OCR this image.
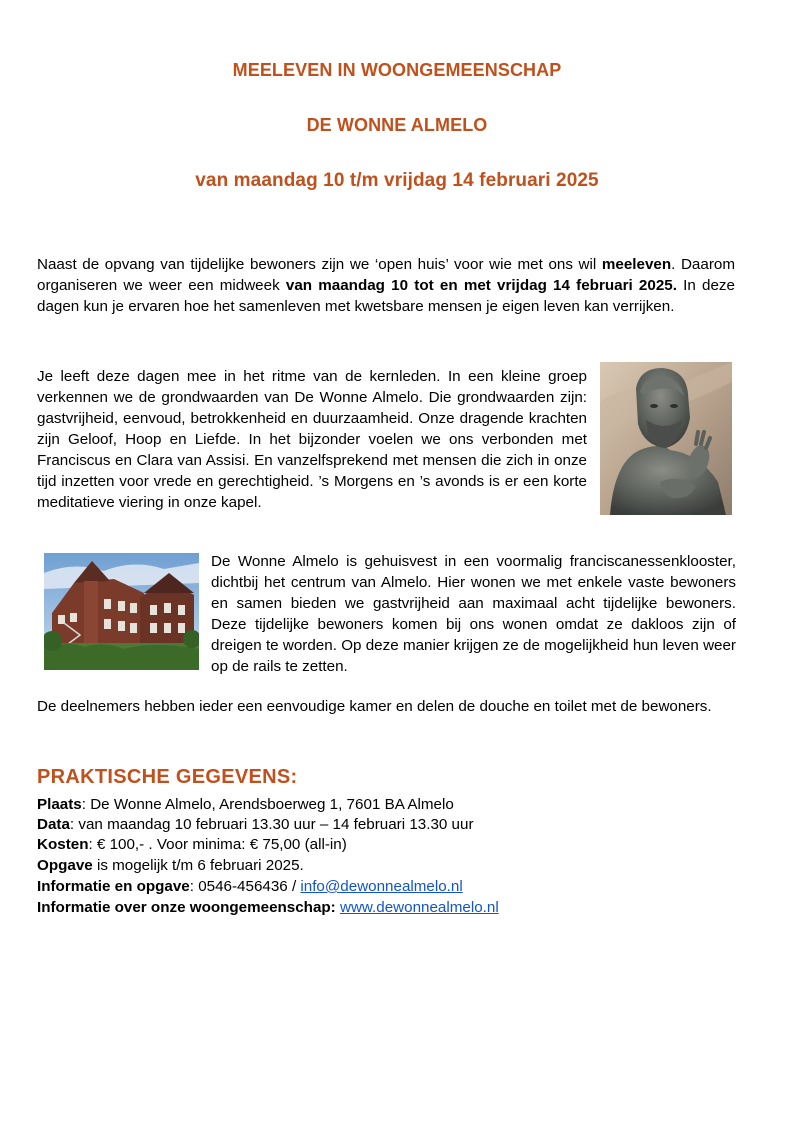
MEELEVEN IN WOONGEMEENSCHAP
DE WONNE ALMELO
van maandag 10 t/m vrijdag 14 februari 2025
Naast de opvang van tijdelijke bewoners zijn we ‘open huis’ voor wie met ons wil meeleven. Daarom organiseren we weer een midweek van maandag 10 tot en met vrijdag 14 februari 2025. In deze dagen kun je ervaren hoe het samenleven met kwetsbare mensen je eigen leven kan verrijken.
Je leeft deze dagen mee in het ritme van de kernleden. In een kleine groep verkennen we de grondwaarden van De Wonne Almelo. Die grondwaarden zijn: gastvrijheid, eenvoud, betrokkenheid en duurzaamheid. Onze dragende krachten zijn Geloof, Hoop en Liefde. In het bijzonder voelen we ons verbonden met Franciscus en Clara van Assisi. En vanzelfsprekend met mensen die zich in onze tijd inzetten voor vrede en gerechtigheid. ’s Morgens en ’s avonds is er een korte meditatieve viering in onze kapel.
De Wonne Almelo is gehuisvest in een voormalig franciscanessenklooster, dichtbij het centrum van Almelo. Hier wonen we met enkele vaste bewoners en samen bieden we gastvrijheid aan maximaal acht tijdelijke bewoners. Deze tijdelijke bewoners komen bij ons wonen omdat ze dakloos zijn of dreigen te worden. Op deze manier krijgen ze de mogelijkheid hun leven weer op de rails te zetten.
De deelnemers hebben ieder een eenvoudige kamer en delen de douche en toilet met de bewoners.
PRAKTISCHE GEGEVENS:
Plaats: De Wonne Almelo, Arendsboerweg 1, 7601 BA Almelo
Data: van maandag 10 februari 13.30 uur – 14 februari 13.30 uur
Kosten: € 100,- . Voor minima: € 75,00 (all-in)
Opgave is mogelijk t/m 6 februari 2025.
Informatie en opgave: 0546-456436 / info@dewonnealmelo.nl
Informatie over onze woongemeenschap: www.dewonnealmelo.nl
